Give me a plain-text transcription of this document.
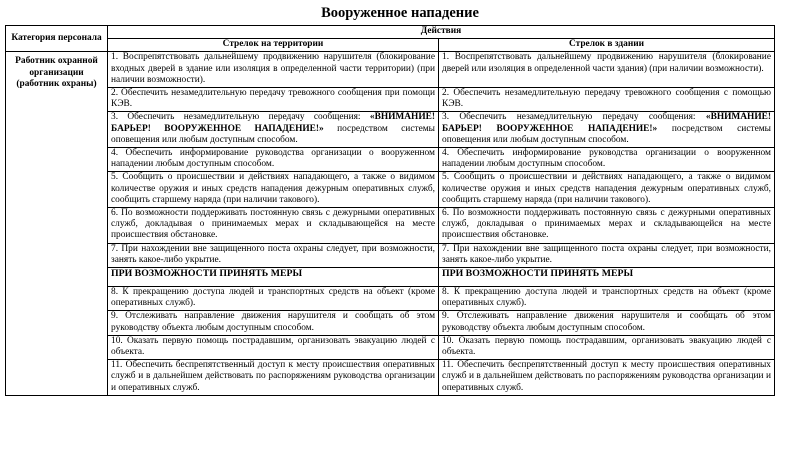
Вооруженное нападение
Категория персонала	Действия	
	Стрелок на территории	Стрелок в здании
Работник охранной организации (работник охраны)	1. Воспрепятствовать дальнейшему продвижению нарушителя (блокирование входных дверей в здание или изоляция в определенной части территории) (при наличии возможности).	1. Воспрепятствовать дальнейшему продвижению нарушителя (блокирование дверей или изоляция в определенной части здания) (при наличии возможности).
	2. Обеспечить незамедлительную передачу тревожного сообщения при помощи КЭВ.	2. Обеспечить незамедлительную передачу тревожного сообщения с помощью КЭВ.
	3. Обеспечить незамедлительную передачу сообщения: «ВНИМАНИЕ! БАРЬЕР! ВООРУЖЕННОЕ НАПАДЕНИЕ!» посредством системы оповещения или любым доступным способом.	3. Обеспечить незамедлительную передачу сообщения: «ВНИМАНИЕ! БАРЬЕР! ВООРУЖЕННОЕ НАПАДЕНИЕ!» посредством системы оповещения или любым доступным способом.
	4. Обеспечить информирование руководства организации о вооруженном нападении любым доступным способом.	4. Обеспечить информирование руководства организации о вооруженном нападении любым доступным способом.
	5. Сообщить о происшествии и действиях нападающего, а также о видимом количестве оружия и иных средств нападения дежурным оперативных служб, сообщить старшему наряда (при наличии такового).	5. Сообщить о происшествии и действиях нападающего, а также о видимом количестве оружия и иных средств нападения дежурным оперативных служб, сообщить старшему наряда (при наличии такового).
	6. По возможности поддерживать постоянную связь с дежурными оперативных служб, докладывая о принимаемых мерах и складывающейся на месте происшествия обстановке.	6. По возможности поддерживать постоянную связь с дежурными оперативных служб, докладывая о принимаемых мерах и складывающейся на месте происшествия обстановке.
	7. При нахождении вне защищенного поста охраны следует, при возможности, занять какое-либо укрытие.	7. При нахождении вне защищенного поста охраны следует, при возможности, занять какое-либо укрытие.
	ПРИ ВОЗМОЖНОСТИ ПРИНЯТЬ МЕРЫ	ПРИ ВОЗМОЖНОСТИ ПРИНЯТЬ МЕРЫ
	8. К прекращению доступа людей и транспортных средств на объект (кроме оперативных служб).	8. К прекращению доступа людей и транспортных средств на объект (кроме оперативных служб).
	9. Отслеживать направление движения нарушителя и сообщать об этом руководству объекта любым доступным способом.	9. Отслеживать направление движения нарушителя и сообщать об этом руководству объекта любым доступным способом.
	10. Оказать первую помощь пострадавшим, организовать эвакуацию людей с объекта.	10. Оказать первую помощь пострадавшим, организовать эвакуацию людей с объекта.
	11. Обеспечить беспрепятственный доступ к месту происшествия оперативных служб и в дальнейшем действовать по распоряжениям руководства организации и оперативных служб.	11. Обеспечить беспрепятственный доступ к месту происшествия оперативных служб и в дальнейшем действовать по распоряжениям руководства организации и оперативных служб.
